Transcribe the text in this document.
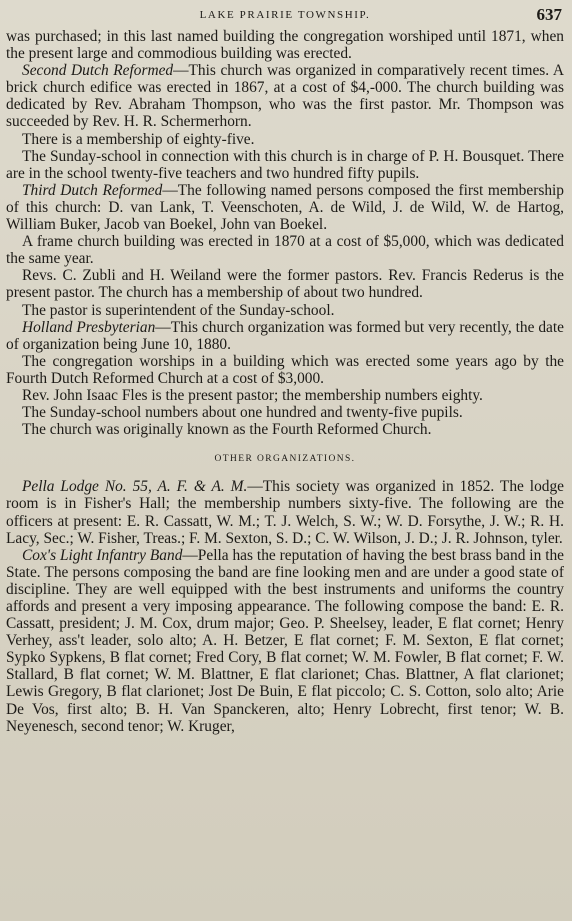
LAKE PRAIRIE TOWNSHIP.	637

was purchased; in this last named building the congregation worshiped until 1871, when the present large and commodious building was erected.

Second Dutch Reformed—This church was organized in comparatively recent times. A brick church edifice was erected in 1867, at a cost of $4,-000. The church building was dedicated by Rev. Abraham Thompson, who was the first pastor. Mr. Thompson was succeeded by Rev. H. R. Schermerhorn.

There is a membership of eighty-five.

The Sunday-school in connection with this church is in charge of P. H. Bousquet. There are in the school twenty-five teachers and two hundred fifty pupils.

Third Dutch Reformed—The following named persons composed the first membership of this church: D. van Lank, T. Veenschoten, A. de Wild, J. de Wild, W. de Hartog, William Buker, Jacob van Boekel, John van Boekel.

A frame church building was erected in 1870 at a cost of $5,000, which was dedicated the same year.

Revs. C. Zubli and H. Weiland were the former pastors. Rev. Francis Rederus is the present pastor. The church has a membership of about two hundred.

The pastor is superintendent of the Sunday-school.

Holland Presbyterian—This church organization was formed but very recently, the date of organization being June 10, 1880.

The congregation worships in a building which was erected some years ago by the Fourth Dutch Reformed Church at a cost of $3,000.

Rev. John Isaac Fles is the present pastor; the membership numbers eighty.

The Sunday-school numbers about one hundred and twenty-five pupils.

The church was originally known as the Fourth Reformed Church.

OTHER ORGANIZATIONS.

Pella Lodge No. 55, A. F. & A. M.—This society was organized in 1852. The lodge room is in Fisher's Hall; the membership numbers sixty-five. The following are the officers at present: E. R. Cassatt, W. M.; T. J. Welch, S. W.; W. D. Forsythe, J. W.; R. H. Lacy, Sec.; W. Fisher, Treas.; F. M. Sexton, S. D.; C. W. Wilson, J. D.; J. R. Johnson, tyler.

Cox's Light Infantry Band—Pella has the reputation of having the best brass band in the State. The persons composing the band are fine looking men and are under a good state of discipline. They are well equipped with the best instruments and uniforms the country affords and present a very imposing appearance. The following compose the band: E. R. Cassatt, president; J. M. Cox, drum major; Geo. P. Sheelsey, leader, E flat cornet; Henry Verhey, ass't leader, solo alto; A. H. Betzer, E flat cornet; F. M. Sexton, E flat cornet; Sypko Sypkens, B flat cornet; Fred Cory, B flat cornet; W. M. Fowler, B flat cornet; F. W. Stallard, B flat cornet; W. M. Blattner, E flat clarionet; Chas. Blattner, A flat clarionet; Lewis Gregory, B flat clarionet; Jost De Buin, E flat piccolo; C. S. Cotton, solo alto; Arie De Vos, first alto; B. H. Van Spanckeren, alto; Henry Lobrecht, first tenor; W. B. Neyenesch, second tenor; W. Kruger,
